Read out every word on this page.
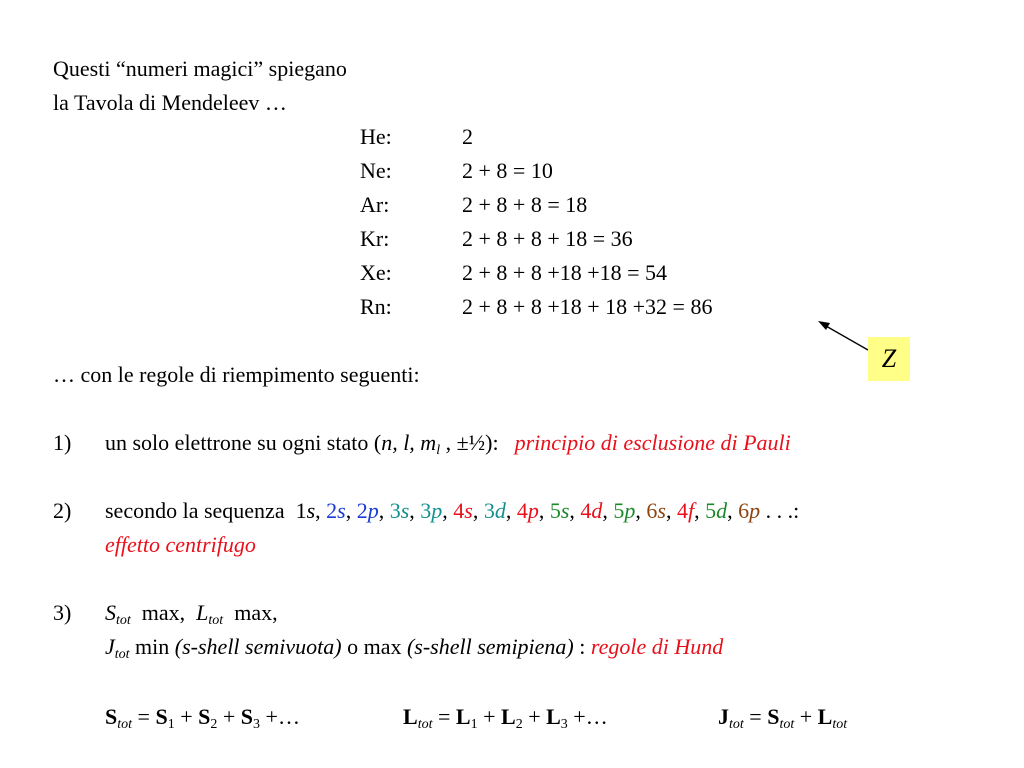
Questi “numeri magici” spiegano
la Tavola di Mendeleev …
He:	2
Ne:	2 + 8 = 10
Ar:	2 + 8 + 8 = 18
Kr:	2 + 8 + 8 + 18 = 36
Xe:	2 + 8 + 8 +18 +18 = 54
Rn:	2 + 8 + 8 +18 + 18 +32 = 86
Z
… con le regole di riempimento seguenti:
1) un solo elettrone su ogni stato (n, l, $m_l$ , ±½): principio di esclusione di Pauli
2) secondo la sequenza 1s, 2s, 2p, 3s, 3p, 4s, 3d, 4p, 5s, 4d, 5p, 6s, 4f, 5d, 6p . . .:
effetto centrifugo
3) $S_{tot}$ max, $L_{tot}$ max,
$J_{tot}$ min (s-shell semivuota) o max (s-shell semipiena) : regole di Hund
$S_{tot} = S_1 + S_2 + S_3$ +…	$L_{tot} = L_1 + L_2 + L_3$ +…	$J_{tot} = S_{tot} + L_{tot}$
